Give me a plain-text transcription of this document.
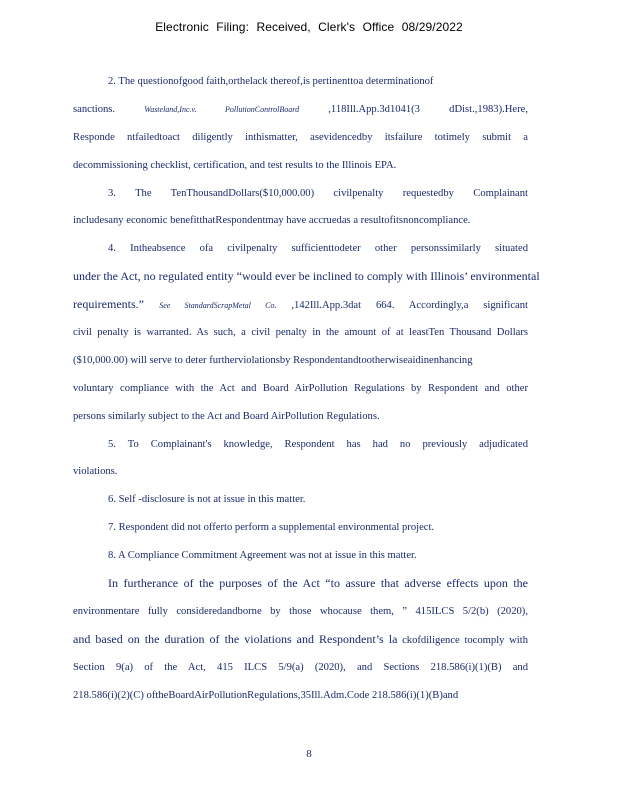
Electronic Filing: Received, Clerk's Office 08/29/2022
2. The questionofgood faith,orthelack thereof,is pertinenttoa determinationof
sanctions. Wasteland,Inc.v. PollutionControlBoard ,118Ill.App.3d1041(3 dDist.,1983).Here,
Responde ntfailedtoact diligently inthismatter, asevidencedby itsfailure totimely submit a
decommissioning checklist, certification, and test results to the Illinois EPA.
3. The TenThousandDollars($10,000.00) civilpenalty requestedby Complainant
includesany economic benefitthatRespondentmay have accruedas a resultofitsnoncompliance.
4. Intheabsence ofa civilpenalty sufficienttodeter other personssimilarly situated
under the Act, no regulated entity “would ever be inclined to comply with Illinois’ environmental
requirements.” See StandardScrapMetal Co. ,142Ill.App.3dat 664. Accordingly,a significant
civil penalty is warranted. As such, a civil penalty in the amount of at leastTen Thousand Dollars
($10,000.00) will serve to deter furtherviolationsby Respondentandtootherwiseaidinenhancing
voluntary compliance with the Act and Board AirPollution Regulations by Respondent and other
persons similarly subject to the Act and Board AirPollution Regulations.
5. To Complainant's knowledge, Respondent has had no previously adjudicated
violations.
6. Self -disclosure is not at issue in this matter.
7. Respondent did not offerto perform a supplemental environmental project.
8. A Compliance Commitment Agreement was not at issue in this matter.
In furtherance of the purposes of the Act “to assure that adverse effects upon the
environmentare fully consideredandborne by those whocause them, ” 415ILCS 5/2(b) (2020),
and based on the duration of the violations and Respondent’s la ckofdiligence tocomply with
Section 9(a) of the Act, 415 ILCS 5/9(a) (2020), and Sections 218.586(i)(1)(B) and
218.586(i)(2)(C) oftheBoardAirPollutionRegulations,35Ill.Adm.Code 218.586(i)(1)(B)and
8
